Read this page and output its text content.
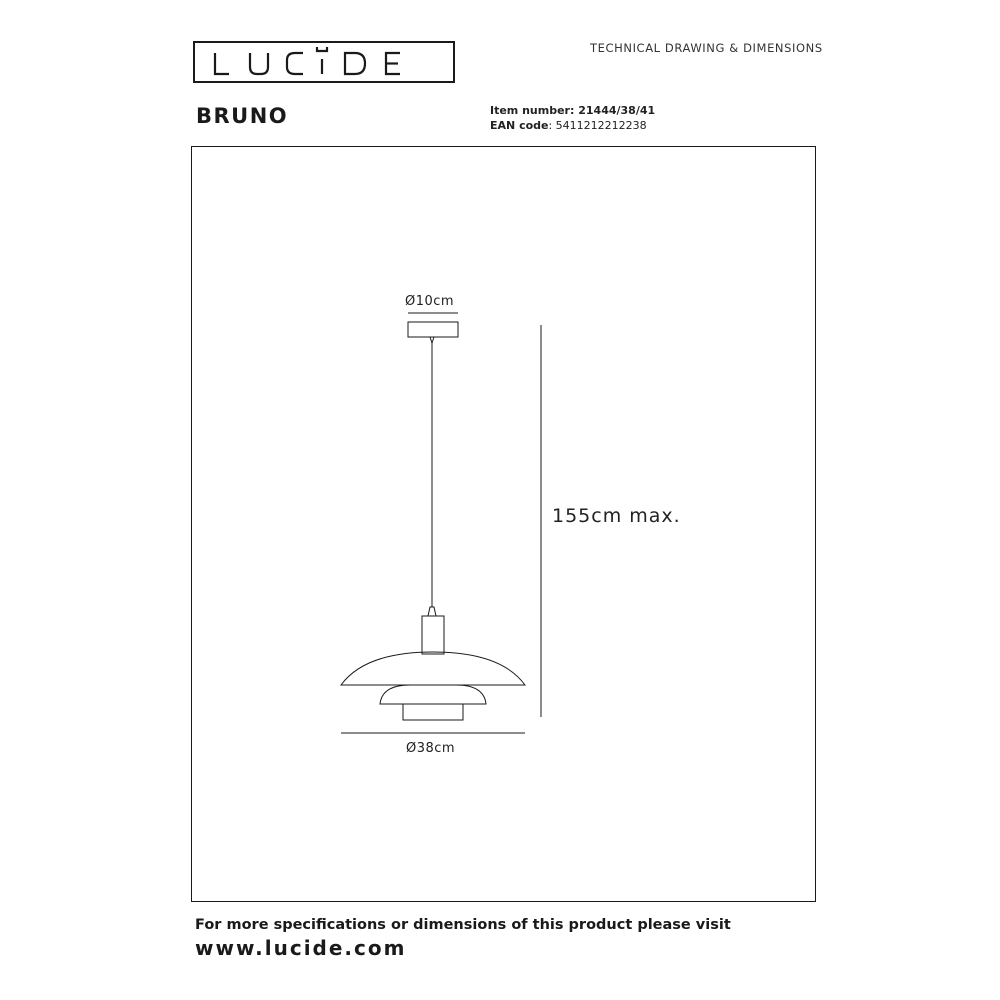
TECHNICAL DRAWING & DIMENSIONS
BRUNO	Item number: 21444/38/41
EAN code: 5411212212238
Ø10cm
Ø38cm
155cm max.
For more specifications or dimensions of this product please visit
www.lucide.com
